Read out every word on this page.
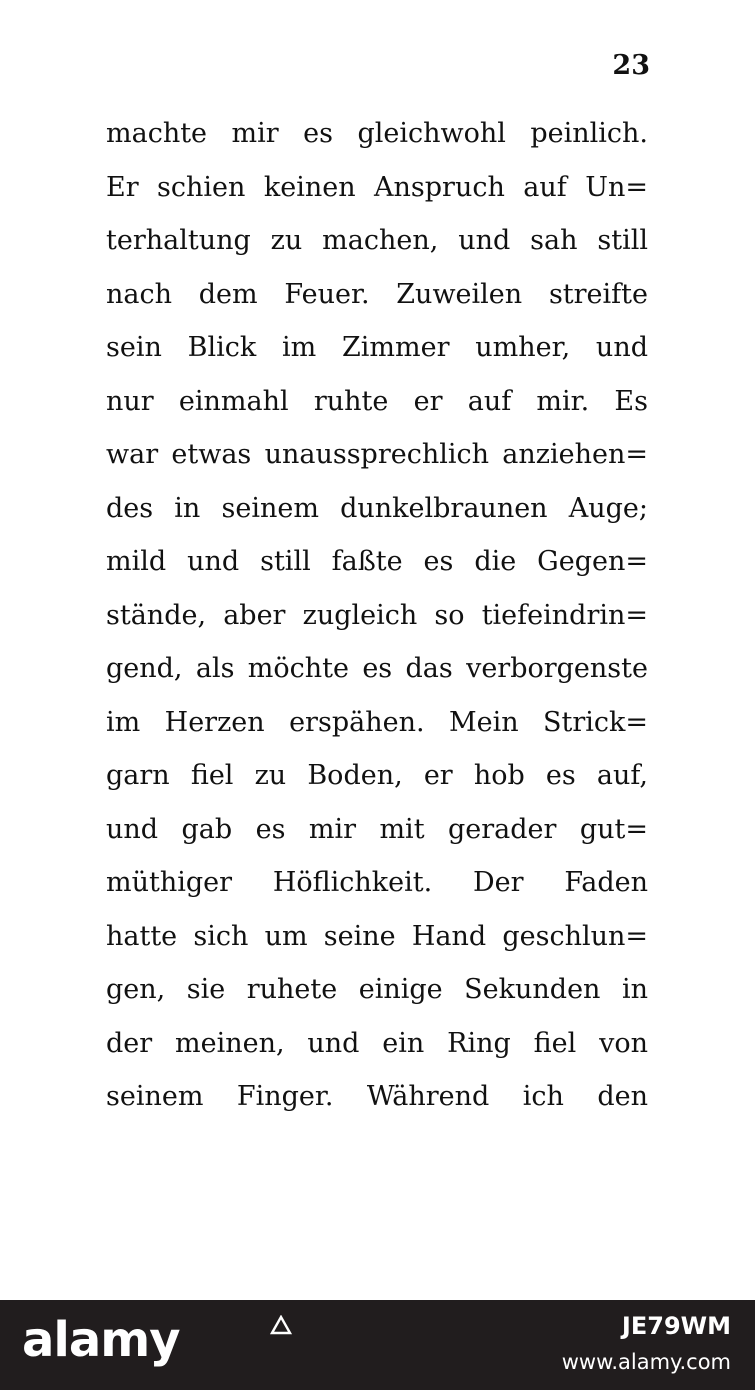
23
machte mir es gleichwohl peinlich.
Er schien keinen Anspruch auf Un=
terhaltung zu machen, und sah still
nach dem Feuer. Zuweilen streifte
sein Blick im Zimmer umher, und
nur einmahl ruhte er auf mir. Es
war etwas unaussprechlich anziehen=
des in seinem dunkelbraunen Auge;
mild und still faßte es die Gegen=
stände, aber zugleich so tiefeindrin=
gend, als möchte es das verborgenste
im Herzen erspähen. Mein Strick=
garn fiel zu Boden, er hob es auf,
und gab es mir mit gerader gut=
müthiger Höflichkeit. Der Faden
hatte sich um seine Hand geschlun=
gen, sie ruhete einige Sekunden in
der meinen, und ein Ring fiel von
seinem Finger. Während ich den
alamy	JE79WM
www.alamy.com
